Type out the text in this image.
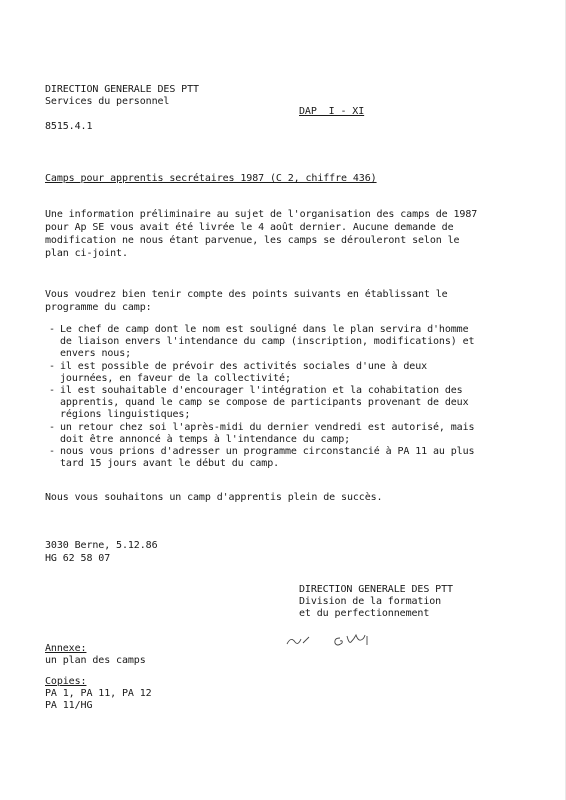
DIRECTION GENERALE DES PTT
Services du personnel
DAP  I - XI
8515.4.1
Camps pour apprentis secrétaires 1987 (C 2, chiffre 436)

Une information préliminaire au sujet de l'organisation des camps de 1987 pour Ap SE vous avait été livrée le 4 août dernier. Aucune demande de modification ne nous étant parvenue, les camps se dérouleront selon le plan ci-joint.

Vous voudrez bien tenir compte des points suivants en établissant le programme du camp:

- Le chef de camp dont le nom est souligné dans le plan servira d'homme de liaison envers l'intendance du camp (inscription, modifications) et envers nous;
- il est possible de prévoir des activités sociales d'une à deux journées, en faveur de la collectivité;
- il est souhaitable d'encourager l'intégration et la cohabitation des apprentis, quand le camp se compose de participants provenant de deux régions linguistiques;
- un retour chez soi l'après-midi du dernier vendredi est autorisé, mais doit être annoncé à temps à l'intendance du camp;
- nous vous prions d'adresser un programme circonstancié à PA 11 au plus tard 15 jours avant le début du camp.
Nous vous souhaitons un camp d'apprentis plein de succès.
3030 Berne, 5.12.86
HG 62 58 07
DIRECTION GENERALE DES PTT
Division de la formation
et du perfectionnement
Annexe:
un plan des camps
Copies:
PA 1, PA 11, PA 12
PA 11/HG
